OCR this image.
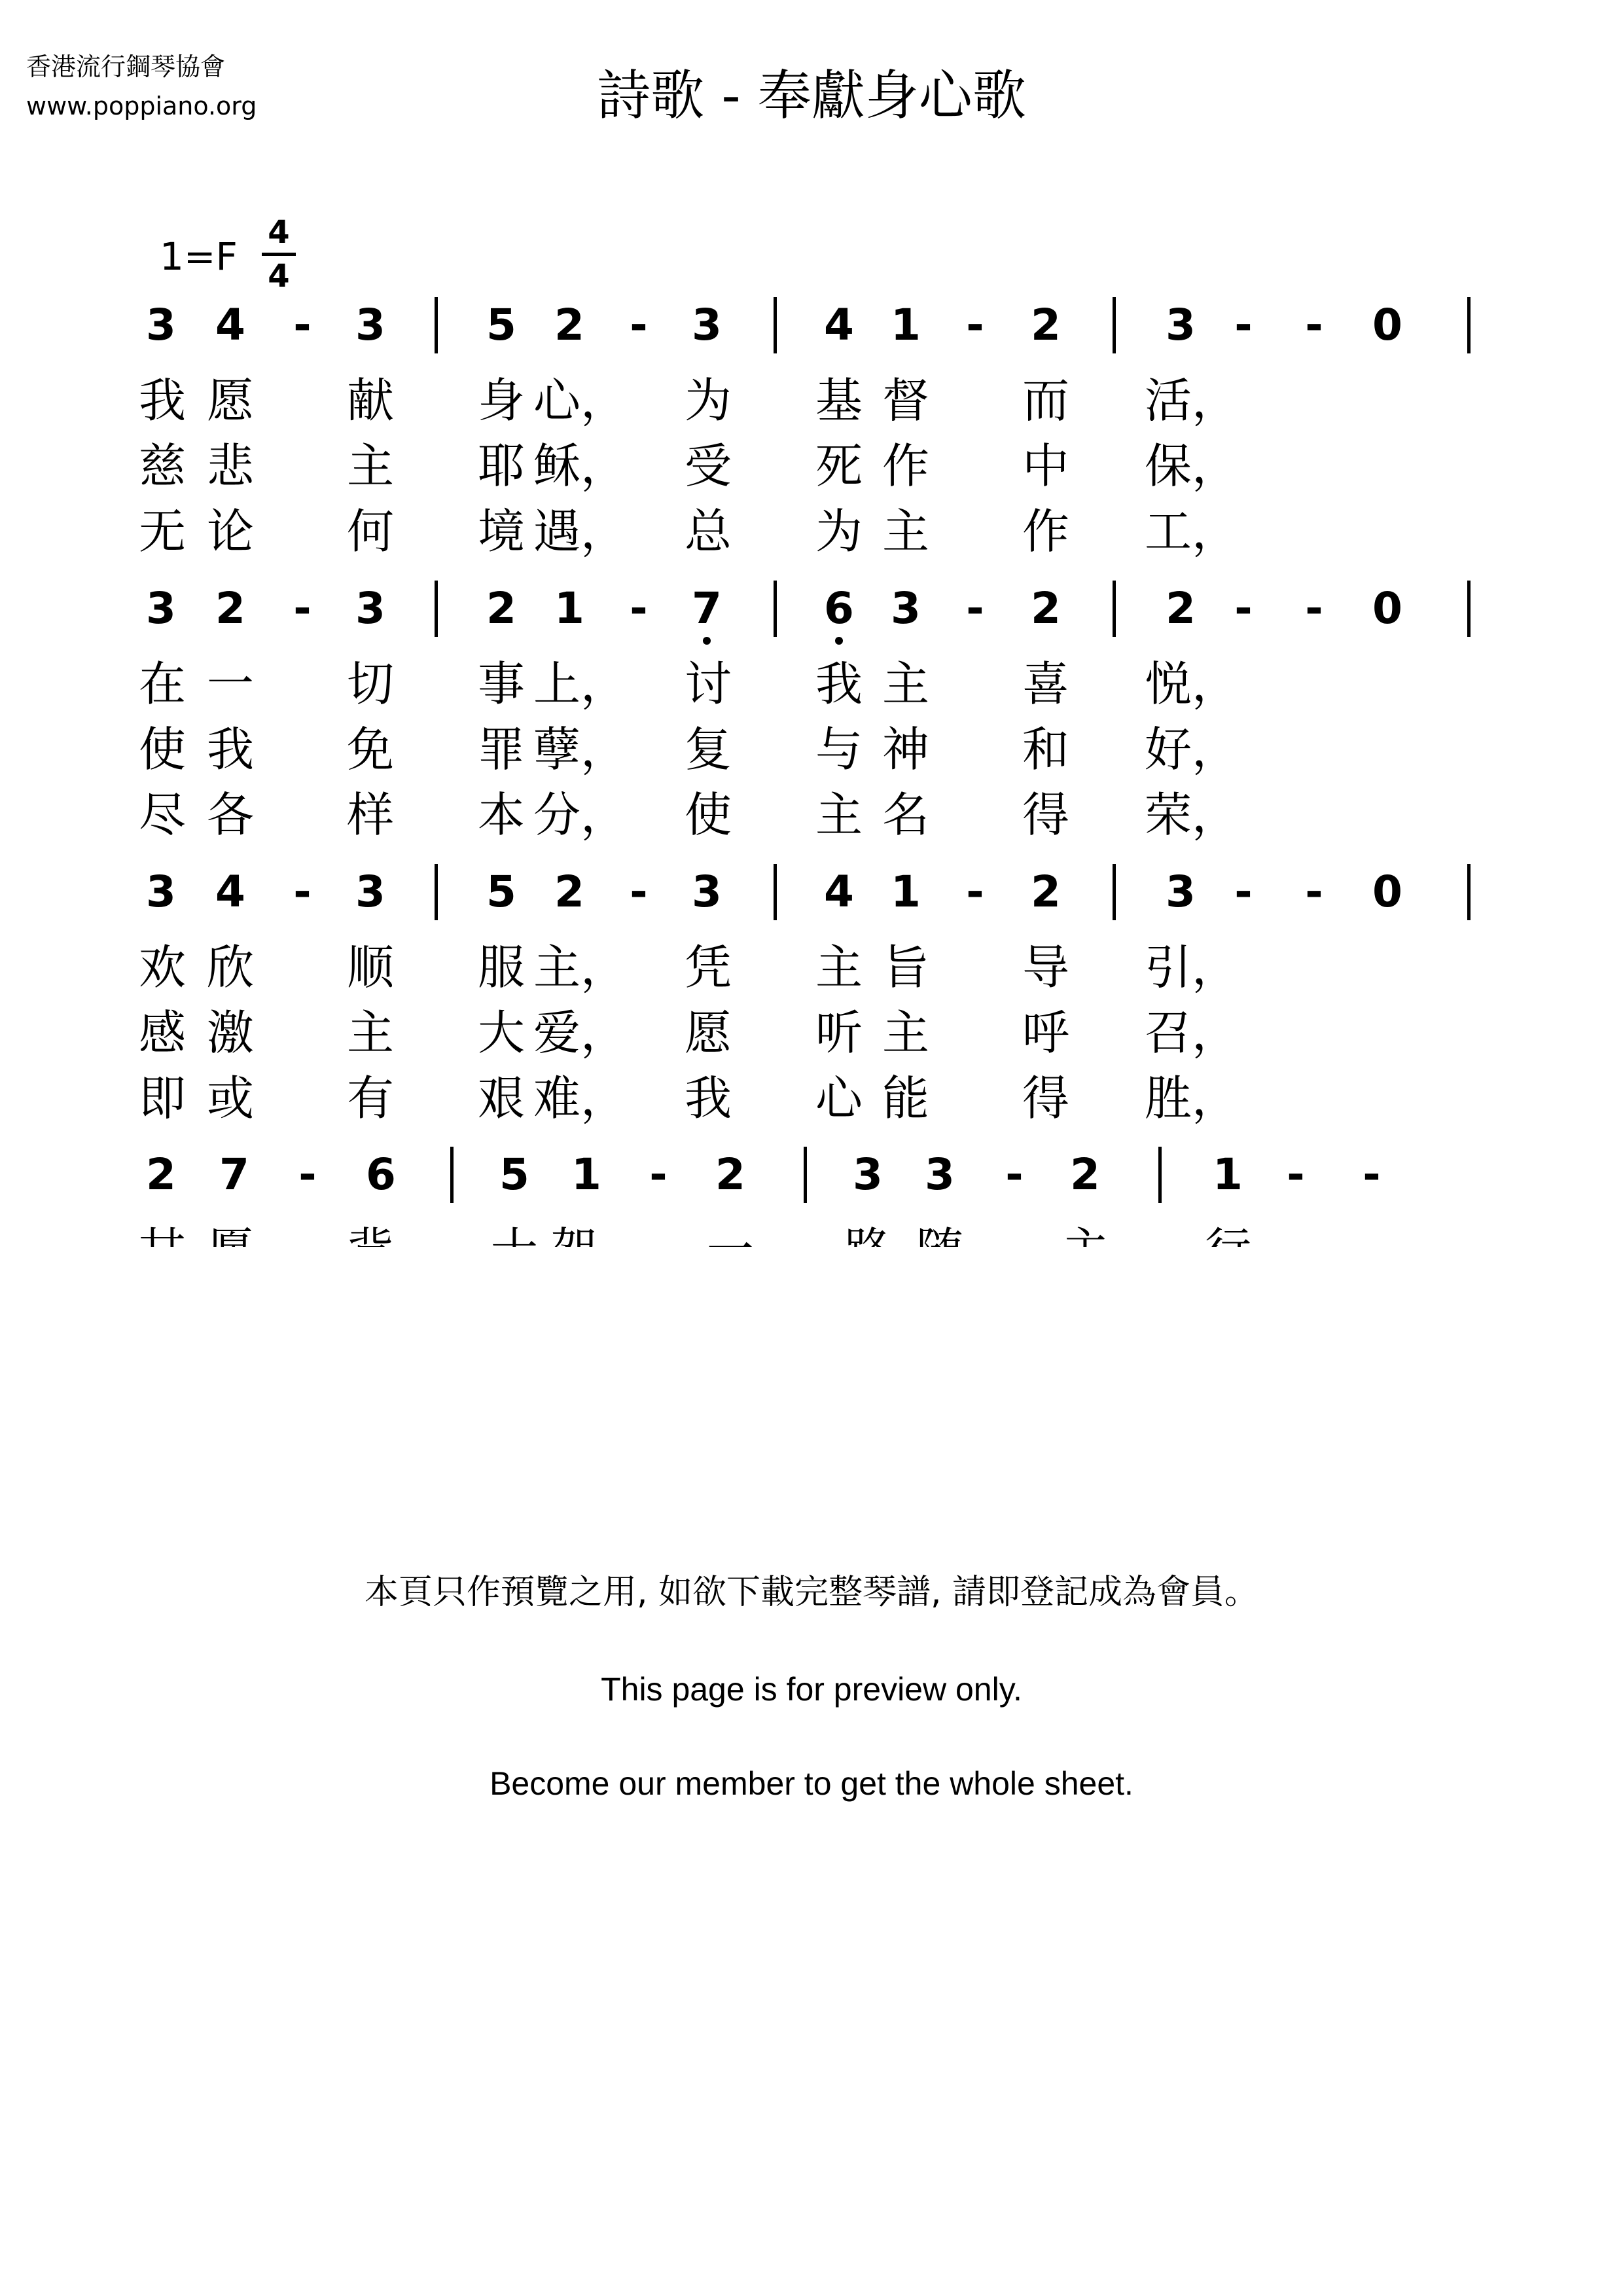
香港流行鋼琴協會
www.poppiano.org	詩歌 - 奉獻身心歌
1=F
4
4
3 4	-	3	5 2	-	3	4 1	-	2	3 -	-	0
我 愿 献 身 心， 为 基 督 而 活，
慈 悲 主 耶 稣， 受 死 作 中 保，
无 论 何 境 遇， 总 为 主 作 工，
3 2	-	3	2 1	-	7	6 3	-	2	2 -	-	0
在 一 切 事 上， 讨 我 主 喜 悦，
使 我 免 罪 孽， 复 与 神 和 好，
尽 各 样 本 分， 使 主 名 得 荣，
3 4	-	3	5 2	-	3	4 1	-	2	3 -	-	0
欢 欣 顺 服 主， 凭 主 旨 导 引，
感 激 主 大 爱， 愿 听 主 呼 召，
即 或 有 艰 难， 我 心 能 得 胜，
2	7	-	6	5 1	-	2	3 3	-	2	1	-	-
本頁只作預覽之用, 如欲下載完整琴譜, 請即登記成為會員。
This page is for preview only.
Become our member to get the whole sheet.
